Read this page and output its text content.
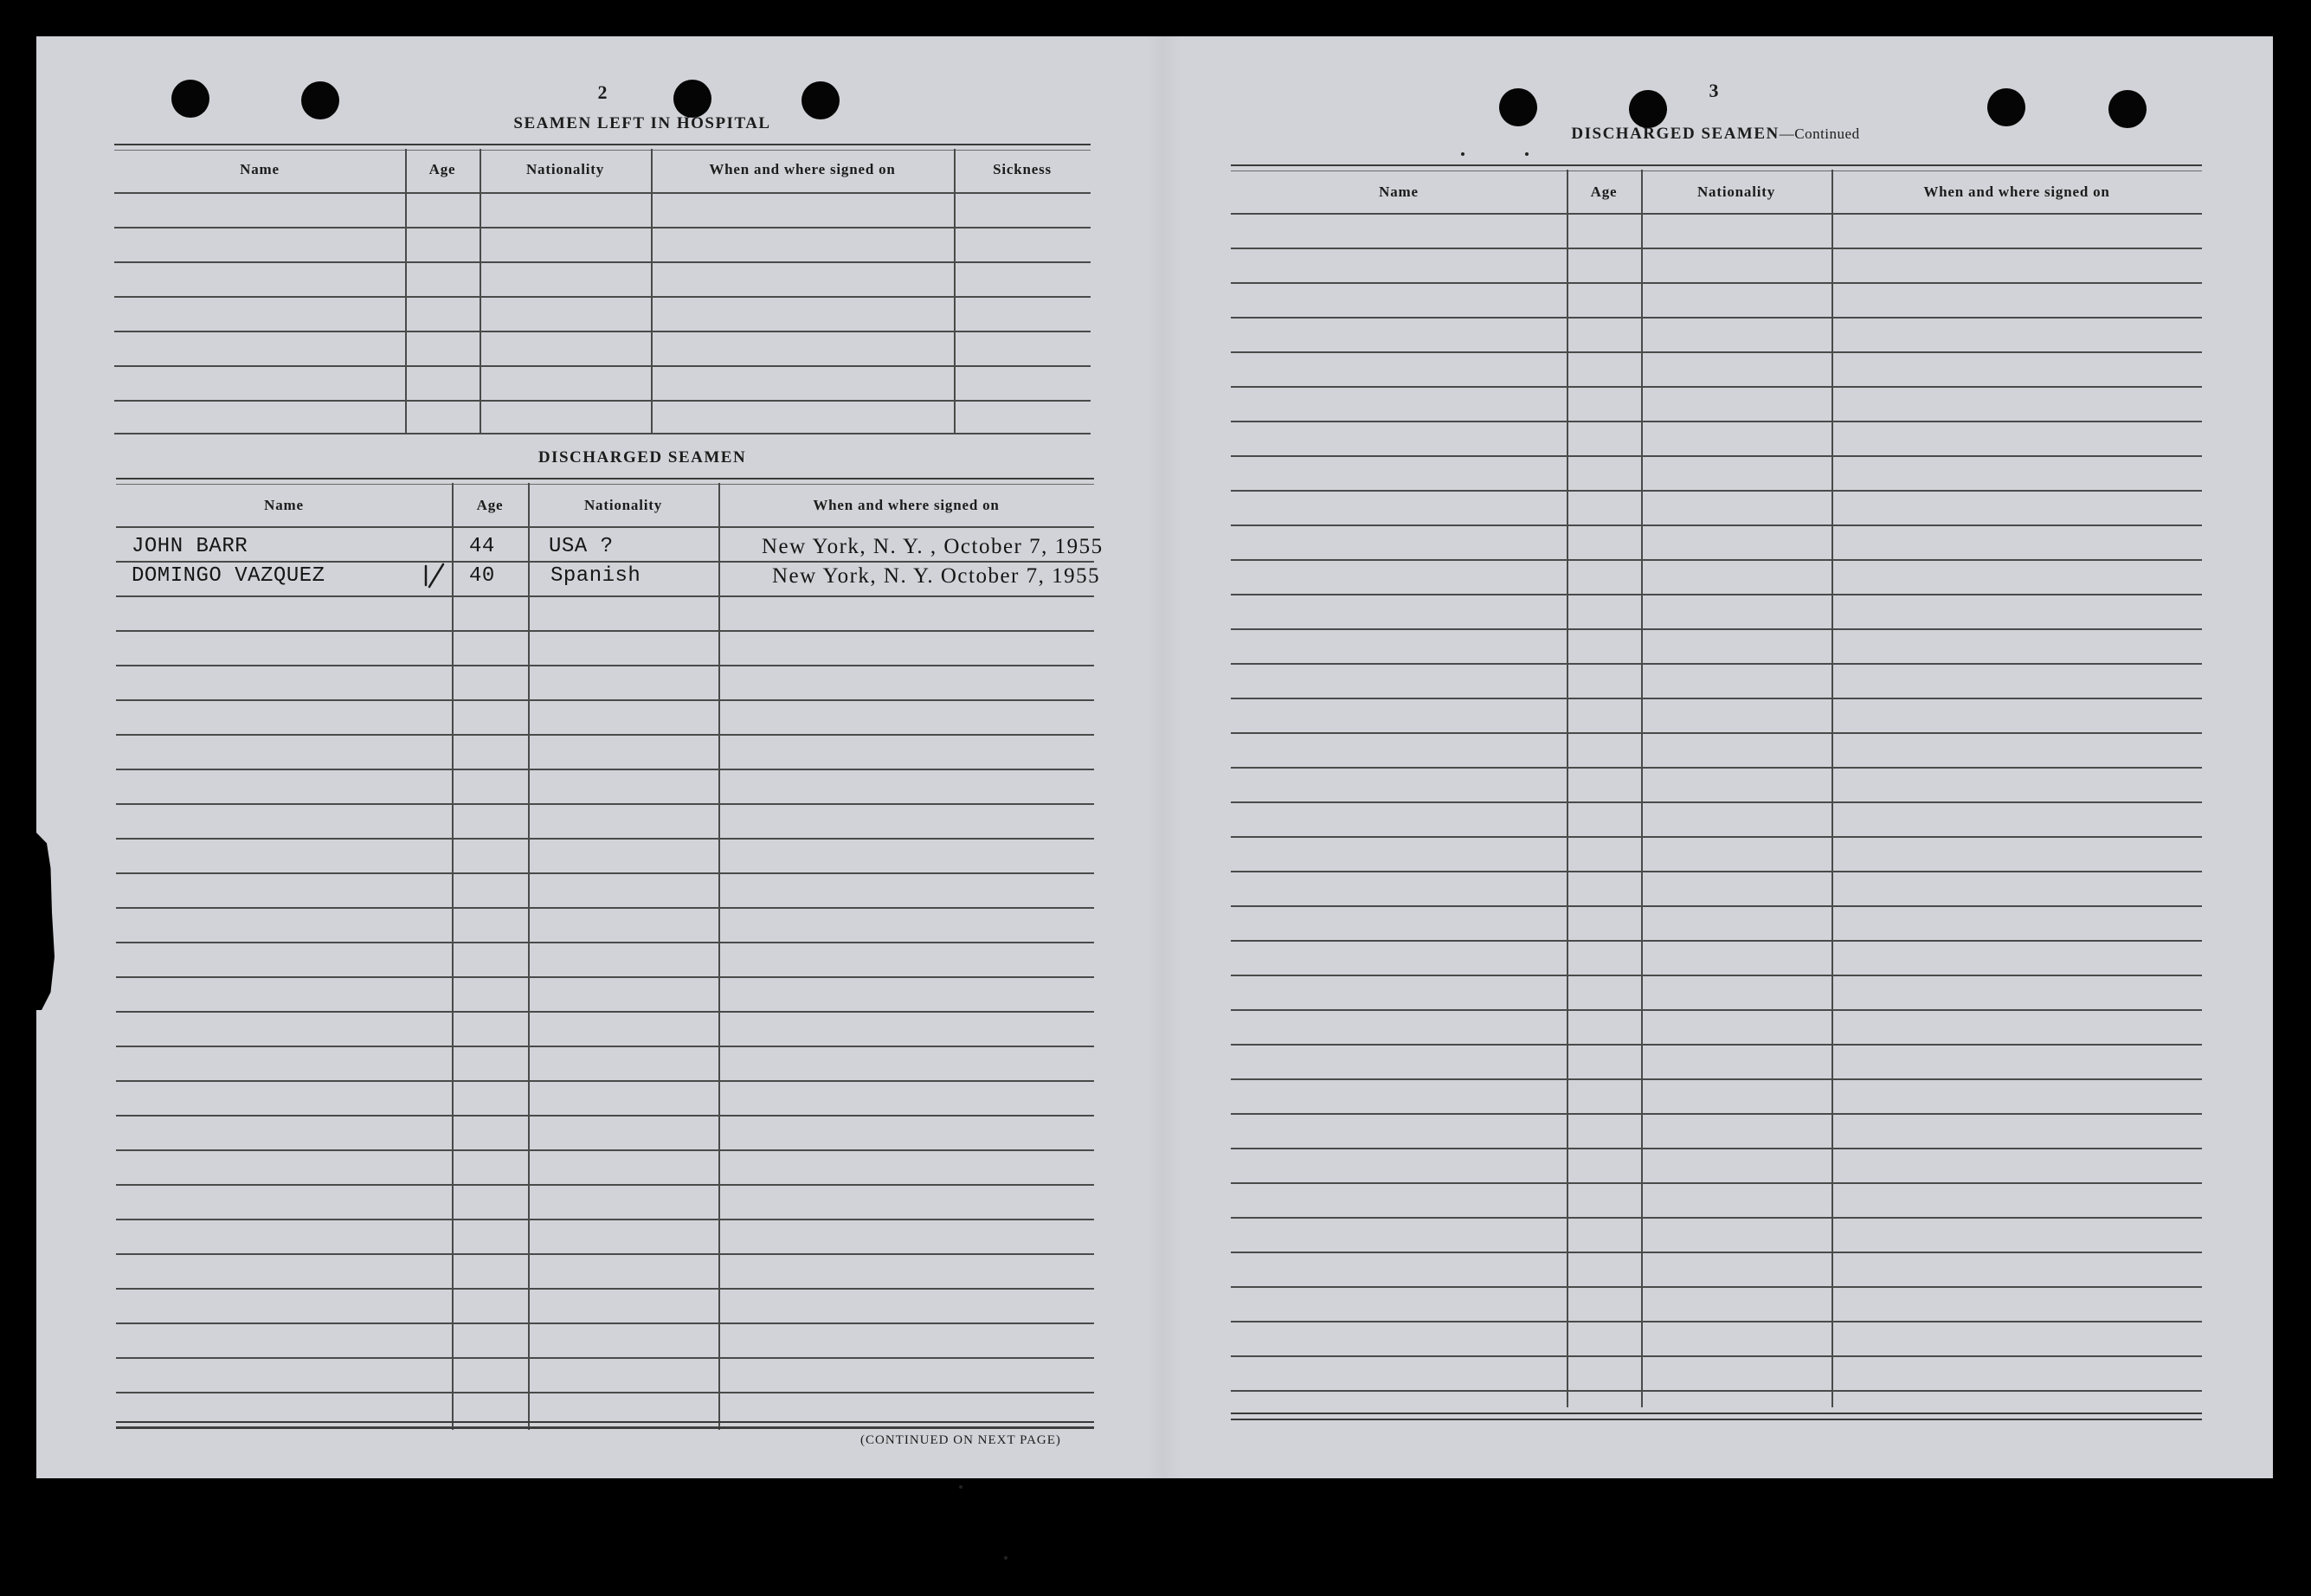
2
SEAMEN LEFT IN HOSPITAL
Name	Age	Nationality	When and where signed on	Sickness
DISCHARGED SEAMEN
Name	Age	Nationality	When and where signed on
JOHN BARR	44	USA ?	New York, N. Y. , October 7, 1955
DOMINGO VAZQUEZ	40	Spanish	New York, N. Y. October 7, 1955
(CONTINUED ON NEXT PAGE)
3
DISCHARGED SEAMEN—Continued
Name	Age	Nationality	When and where signed on
